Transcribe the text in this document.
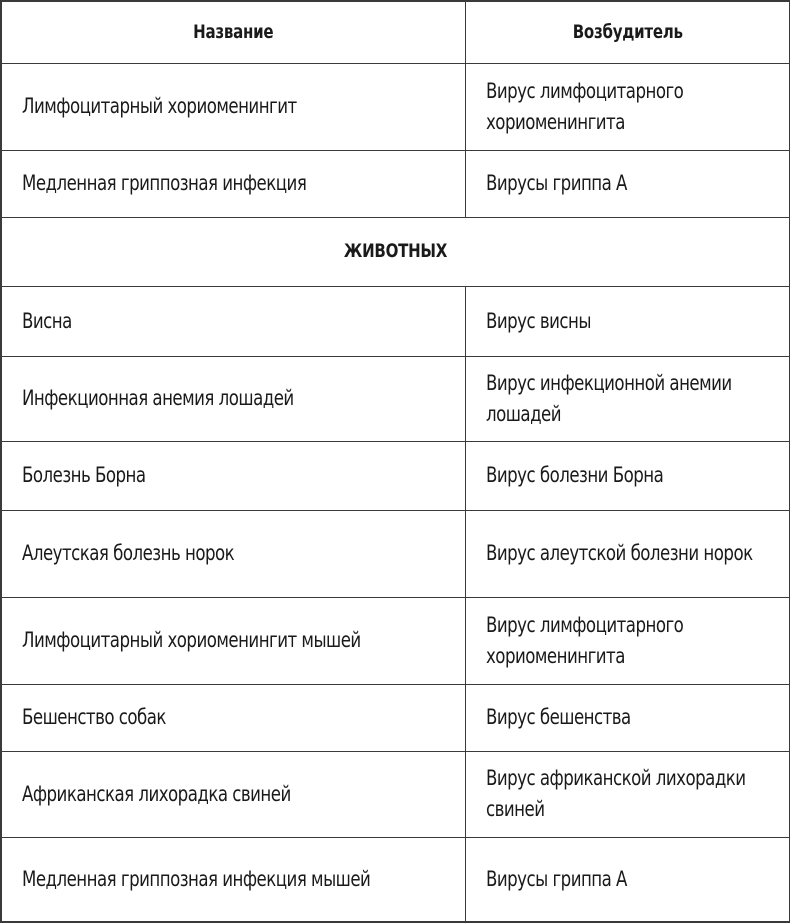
Название	Возбудитель

Лимфоцитарный хориоменингит	Вирус лимфоцитарного хориоменингита

Медленная гриппозная инфекция	Вирусы гриппа А

ЖИВОТНЫХ	

Висна	Вирус висны

Инфекционная анемия лошадей	Вирус инфекционной анемии лошадей

Болезнь Борна	Вирус болезни Борна

Алеутская болезнь норок	Вирус алеутской болезни норок

Лимфоцитарный хориоменингит мышей	Вирус лимфоцитарного хориоменингита

Бешенство собак	Вирус бешенства

Африканская лихорадка свиней	Вирус африканской лихорадки свиней

Медленная гриппозная инфекция мышей	Вирусы гриппа А
